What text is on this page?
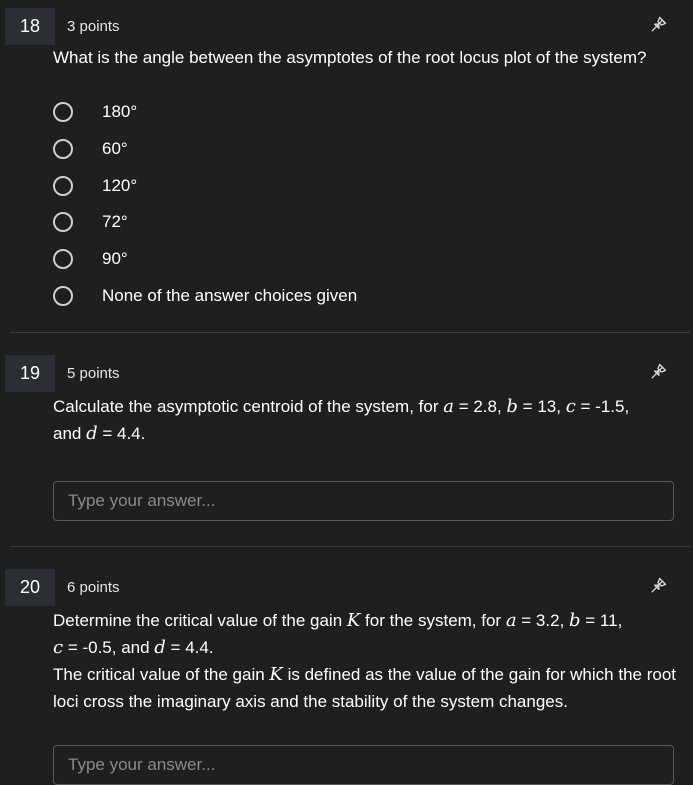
18	3 points
What is the angle between the asymptotes of the root locus plot of the system?
180°
60°
120°
72°
90°
None of the answer choices given
19	5 points
Calculate the asymptotic centroid of the system, for a = 2.8, b = 13, c = -1.5,
and d = 4.4.
Type your answer...
20	6 points
Determine the critical value of the gain K for the system, for a = 3.2, b = 11,
c = -0.5, and d = 4.4.
The critical value of the gain K is defined as the value of the gain for which the root loci cross the imaginary axis and the stability of the system changes.
Type your answer...
